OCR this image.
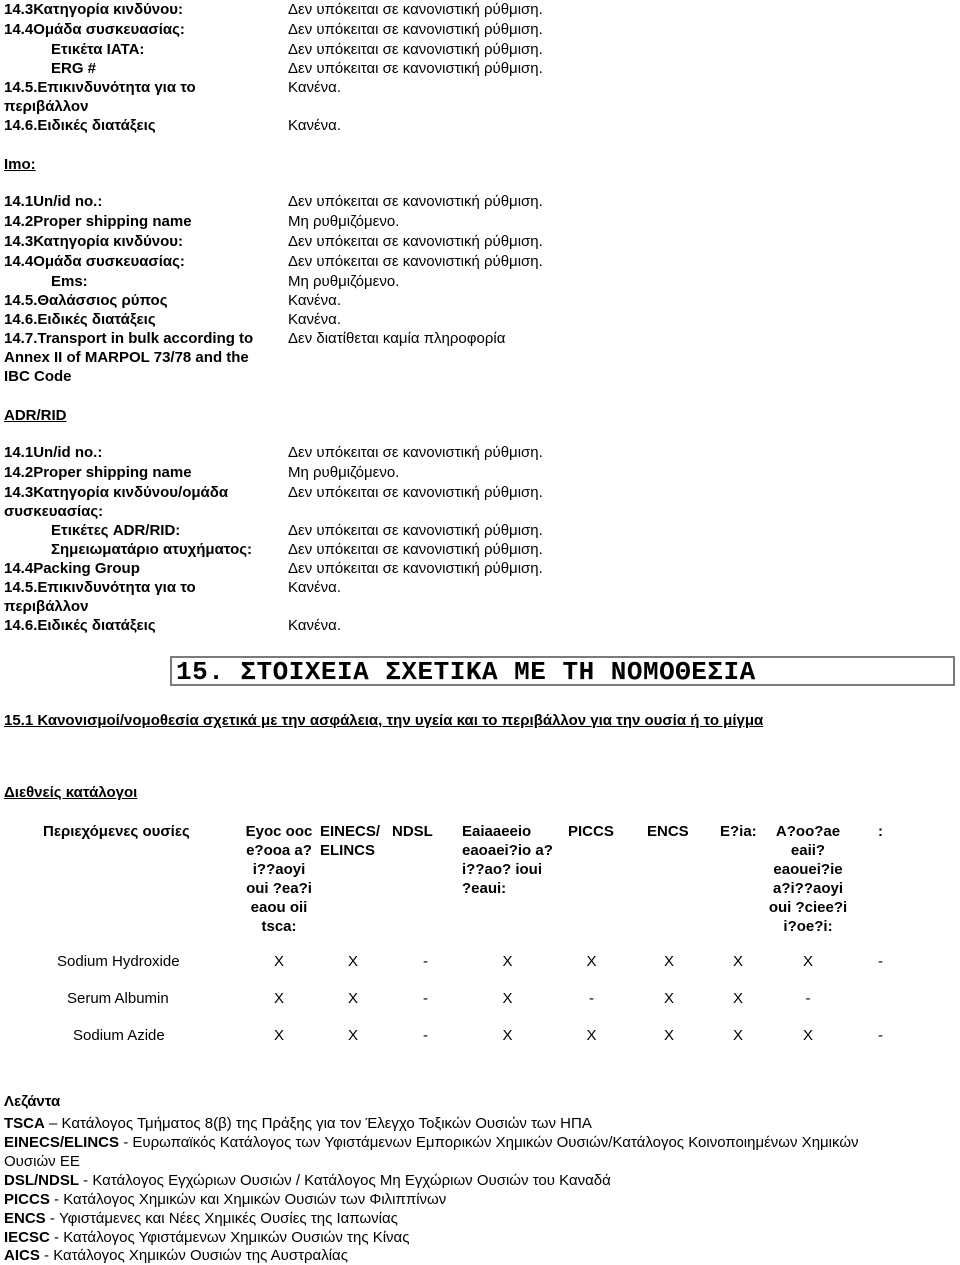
14.3Κατηγορία κινδύνου:	Δεν υπόκειται σε κανονιστική ρύθμιση.
14.4Ομάδα συσκευασίας:	Δεν υπόκειται σε κανονιστική ρύθμιση.
Ετικέτα IATA:	Δεν υπόκειται σε κανονιστική ρύθμιση.
ERG #	Δεν υπόκειται σε κανονιστική ρύθμιση.
14.5.Επικινδυνότητα για το	Κανένα.
περιβάλλον
14.6.Ειδικές διατάξεις	Κανένα.
Imo:
14.1Un/id no.:	Δεν υπόκειται σε κανονιστική ρύθμιση.
14.2Proper shipping name	Μη ρυθμιζόμενο.
14.3Κατηγορία κινδύνου:	Δεν υπόκειται σε κανονιστική ρύθμιση.
14.4Ομάδα συσκευασίας:	Δεν υπόκειται σε κανονιστική ρύθμιση.
Ems:	Μη ρυθμιζόμενο.
14.5.Θαλάσσιος ρύπος	Κανένα.
14.6.Ειδικές διατάξεις	Κανένα.
14.7.Transport in bulk according to Δεν διατίθεται καμία πληροφορία
Annex II of MARPOL 73/78 and the
IBC Code
ADR/RID
14.1Un/id no.:	Δεν υπόκειται σε κανονιστική ρύθμιση.
14.2Proper shipping name	Μη ρυθμιζόμενο.
14.3Κατηγορία κινδύνου/ομάδα	Δεν υπόκειται σε κανονιστική ρύθμιση.
συσκευασίας:
Ετικέτες ADR/RID:	Δεν υπόκειται σε κανονιστική ρύθμιση.
Σημειωματάριο ατυχήματος: Δεν υπόκειται σε κανονιστική ρύθμιση.
14.4Packing Group	Δεν υπόκειται σε κανονιστική ρύθμιση.
14.5.Επικινδυνότητα για το	Κανένα.
περιβάλλον
14.6.Ειδικές διατάξεις	Κανένα.
15. ΣΤΟΙΧΕΙΑ ΣΧΕΤΙΚΑ ΜΕ ΤΗ ΝΟΜΟΘΕΣΙΑ
15.1 Κανονισμοί/νομοθεσία σχετικά με την ασφάλεια, την υγεία και το περιβάλλον για την ουσία ή το μίγμα
Διεθνείς κατάλογοι
Περιεχόμενες ουσίες	Eyoc ooc e?ooa a?i??aoyi oui ?ea?i eaou oii tsca:	EINECS/ ELINCS	NDSL	Eaiaaeeio eaoaei?io a?i??ao? ioui ?eaui:	PICCS	ENCS	E?ia:	A?oo?ae eaii? eaouei?ie a?i??aoyi oui ?ciee?i i?oe?i:	:
Sodium Hydroxide	X	X	-	X	X	X	X	X	-
Serum Albumin	X	X	-	X	-	X	X	-	
Sodium Azide	X	X	-	X	X	X	X	X	-
Λεζάντα
TSCA – Κατάλογος Τμήματος 8(β) της Πράξης για τον Έλεγχο Τοξικών Ουσιών των ΗΠΑ
EINECS/ELINCS - Ευρωπαϊκός Κατάλογος των Υφιστάμενων Εμπορικών Χημικών Ουσιών/Κατάλογος Κοινοποιημένων Χημικών
Ουσιών ΕΕ
DSL/NDSL - Κατάλογος Εγχώριων Ουσιών / Κατάλογος Μη Εγχώριων Ουσιών του Καναδά
PICCS - Κατάλογος Χημικών και Χημικών Ουσιών των Φιλιππίνων
ENCS - Υφιστάμενες και Νέες Χημικές Ουσίες της Ιαπωνίας
IECSC - Κατάλογος Υφιστάμενων Χημικών Ουσιών της Κίνας
AICS - Κατάλογος Χημικών Ουσιών της Αυστραλίας
